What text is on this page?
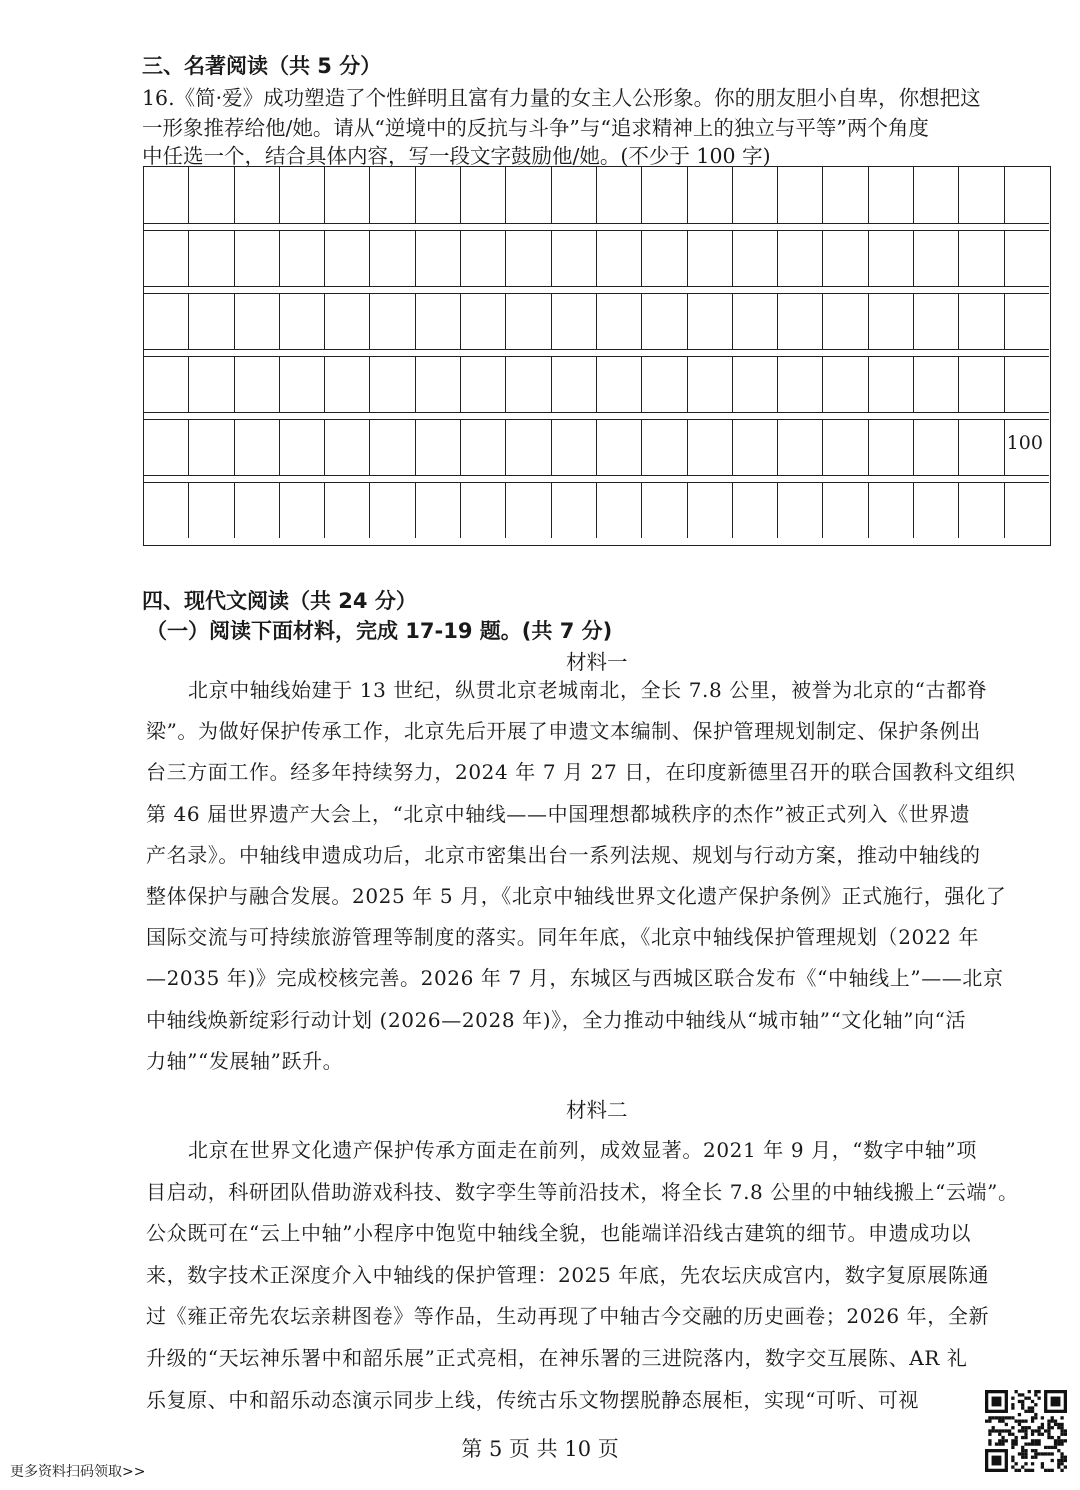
三、名著阅读（共 5 分）
16.《简·爱》成功塑造了个性鲜明且富有力量的女主人公形象。你的朋友胆小自卑，你想把这
一形象推荐给他/她。请从“逆境中的反抗与斗争”与“追求精神上的独立与平等”两个角度
中任选一个，结合具体内容，写一段文字鼓励他/她。(不少于 100 字)
100
四、现代文阅读（共 24 分）
（一）阅读下面材料，完成 17-19 题。(共 7 分)
材料一
北京中轴线始建于 13 世纪，纵贯北京老城南北，全长 7.8 公里，被誉为北京的“古都脊
梁”。为做好保护传承工作，北京先后开展了申遗文本编制、保护管理规划制定、保护条例出
台三方面工作。经多年持续努力，2024 年 7 月 27 日，在印度新德里召开的联合国教科文组织
第 46 届世界遗产大会上，“北京中轴线——中国理想都城秩序的杰作”被正式列入《世界遗
产名录》。中轴线申遗成功后，北京市密集出台一系列法规、规划与行动方案，推动中轴线的
整体保护与融合发展。2025 年 5 月，《北京中轴线世界文化遗产保护条例》正式施行，强化了
国际交流与可持续旅游管理等制度的落实。同年年底，《北京中轴线保护管理规划（2022 年
—2035 年)》完成校核完善。2026 年 7 月，东城区与西城区联合发布《“中轴线上”——北京
中轴线焕新绽彩行动计划 (2026—2028 年)》，全力推动中轴线从“城市轴”“文化轴”向“活
力轴”“发展轴”跃升。
材料二
北京在世界文化遗产保护传承方面走在前列，成效显著。2021 年 9 月，“数字中轴”项
目启动，科研团队借助游戏科技、数字孪生等前沿技术，将全长 7.8 公里的中轴线搬上“云端”。
公众既可在“云上中轴”小程序中饱览中轴线全貌，也能端详沿线古建筑的细节。申遗成功以
来，数字技术正深度介入中轴线的保护管理：2025 年底，先农坛庆成宫内，数字复原展陈通
过《雍正帝先农坛亲耕图卷》等作品，生动再现了中轴古今交融的历史画卷；2026 年，全新
升级的“天坛神乐署中和韶乐展”正式亮相，在神乐署的三进院落内，数字交互展陈、AR 礼
乐复原、中和韶乐动态演示同步上线，传统古乐文物摆脱静态展柜，实现“可听、可视
第 5 页 共 10 页
更多资料扫码领取>>
